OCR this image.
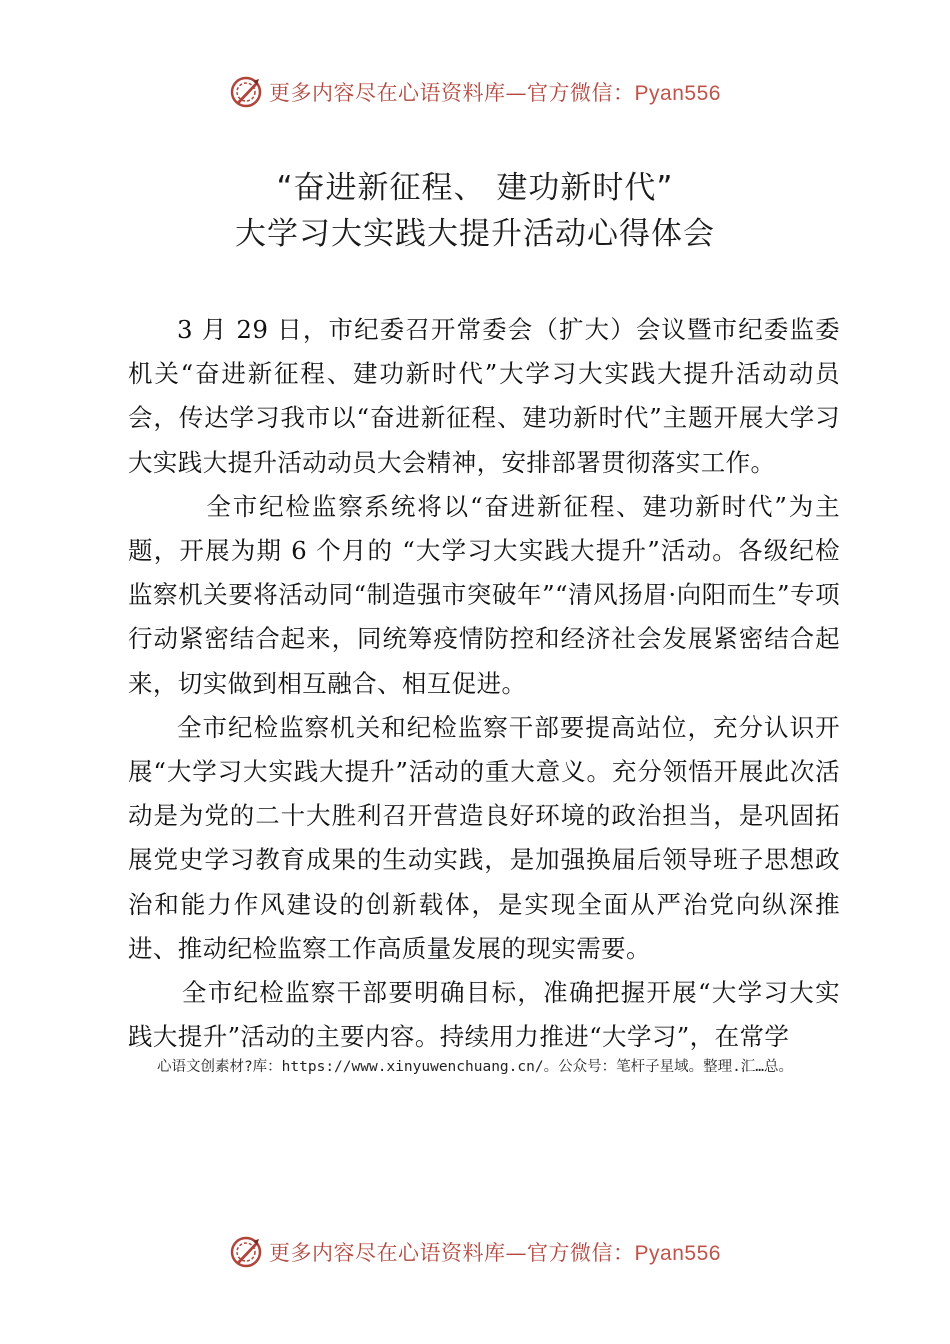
更多内容尽在心语资料库—官方微信：Pyan556
“奋进新征程、 建功新时代”
大学习大实践大提升活动心得体会

3 月 29 日，市纪委召开常委会（扩大）会议暨市纪委监委机关“奋进新征程、建功新时代”大学习大实践大提升活动动员会，传达学习我市以“奋进新征程、建功新时代”主题开展大学习大实践大提升活动动员大会精神，安排部署贯彻落实工作。

全市纪检监察系统将以“奋进新征程、建功新时代”为主题，开展为期 6 个月的 “大学习大实践大提升”活动。各级纪检监察机关要将活动同“制造强市突破年”“清风扬眉·向阳而生”专项行动紧密结合起来，同统筹疫情防控和经济社会发展紧密结合起来，切实做到相互融合、相互促进。

全市纪检监察机关和纪检监察干部要提高站位，充分认识开展“大学习大实践大提升”活动的重大意义。充分领悟开展此次活动是为党的二十大胜利召开营造良好环境的政治担当，是巩固拓展党史学习教育成果的生动实践，是加强换届后领导班子思想政治和能力作风建设的创新载体，是实现全面从严治党向纵深推进、推动纪检监察工作高质量发展的现实需要。

全市纪检监察干部要明确目标，准确把握开展“大学习大实践大提升”活动的主要内容。持续用力推进“大学习”，在常学

心语文创素材?库：https://www.xinyuwenchuang.cn/。公众号：笔杆子星域。整理.汇…总。
更多内容尽在心语资料库—官方微信：Pyan556
